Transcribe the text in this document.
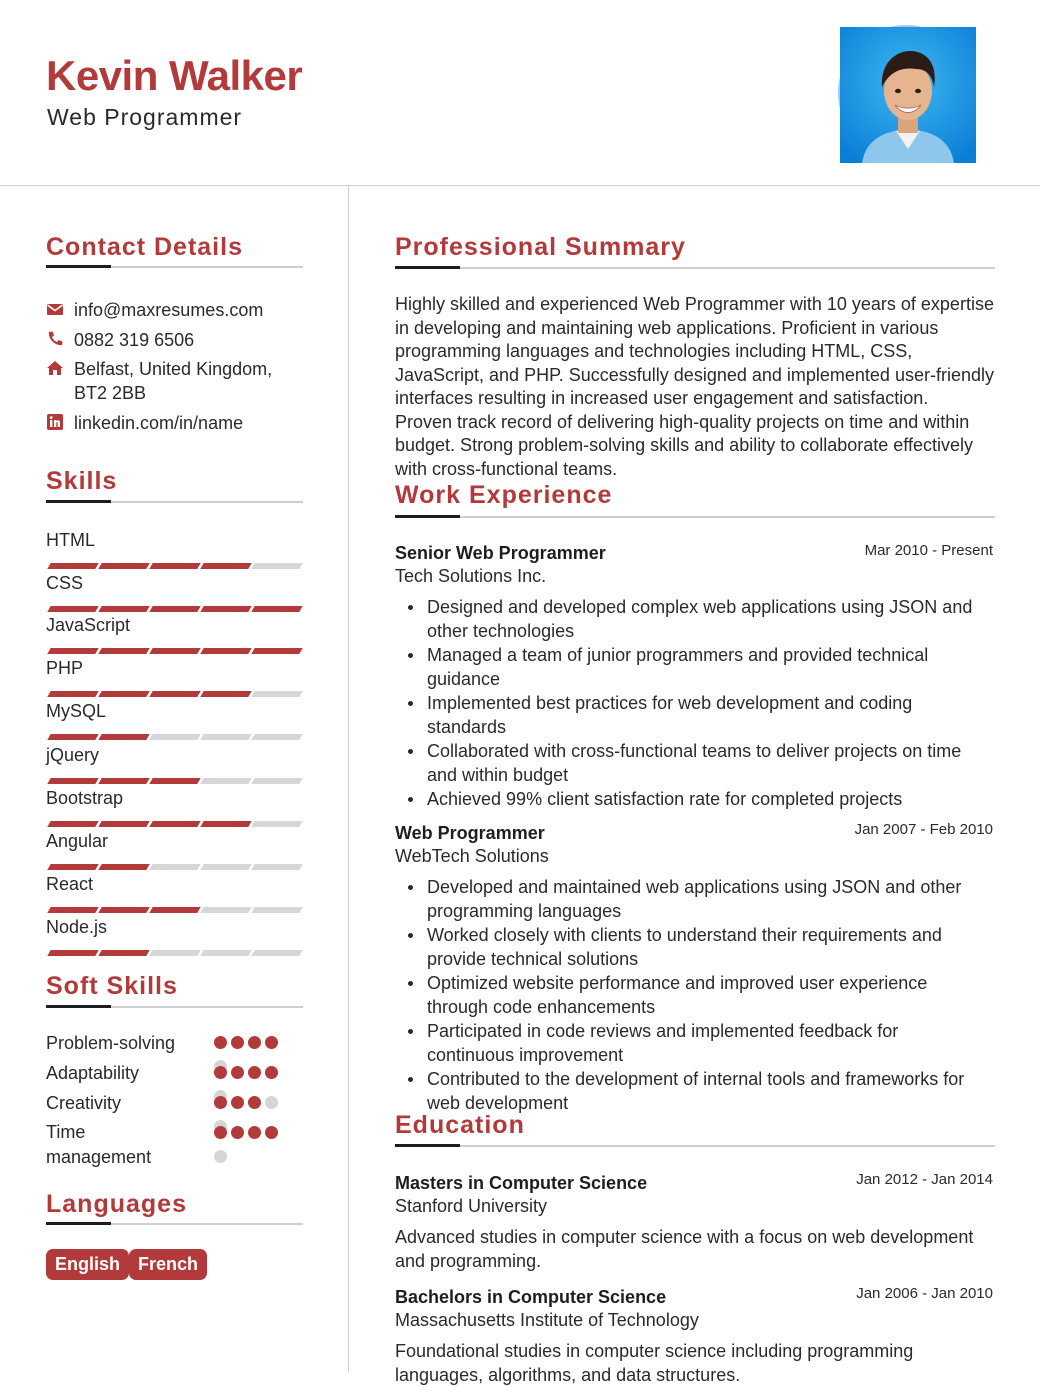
Kevin Walker
Web Programmer
Contact Details
info@maxresumes.com
0882 319 6506
Belfast, United Kingdom,
BT2 2BB
linkedin.com/in/name
Skills
HTML
CSS
JavaScript
PHP
MySQL
jQuery
Bootstrap
Angular
React
Node.js
Soft Skills
Problem-solving
Adaptability
Creativity
Time
management
Languages
English French
Professional Summary
Highly skilled and experienced Web Programmer with 10 years of expertise
in developing and maintaining web applications. Proficient in various
programming languages and technologies including HTML, CSS,
JavaScript, and PHP. Successfully designed and implemented user-friendly
interfaces resulting in increased user engagement and satisfaction.
Proven track record of delivering high-quality projects on time and within
budget. Strong problem-solving skills and ability to collaborate effectively
with cross-functional teams.
Work Experience
Senior Web Programmer	Mar 2010 - Present
Tech Solutions Inc.
Designed and developed complex web applications using JSON and
other technologies
Managed a team of junior programmers and provided technical
guidance
Implemented best practices for web development and coding
standards
Collaborated with cross-functional teams to deliver projects on time
and within budget
Achieved 99% client satisfaction rate for completed projects
Web Programmer	Jan 2007 - Feb 2010
WebTech Solutions
Developed and maintained web applications using JSON and other
programming languages
Worked closely with clients to understand their requirements and
provide technical solutions
Optimized website performance and improved user experience
through code enhancements
Participated in code reviews and implemented feedback for
continuous improvement
Contributed to the development of internal tools and frameworks for
web development
Education
Masters in Computer Science	Jan 2012 - Jan 2014
Stanford University
Advanced studies in computer science with a focus on web development
and programming.
Bachelors in Computer Science	Jan 2006 - Jan 2010
Massachusetts Institute of Technology
Foundational studies in computer science including programming
languages, algorithms, and data structures.
